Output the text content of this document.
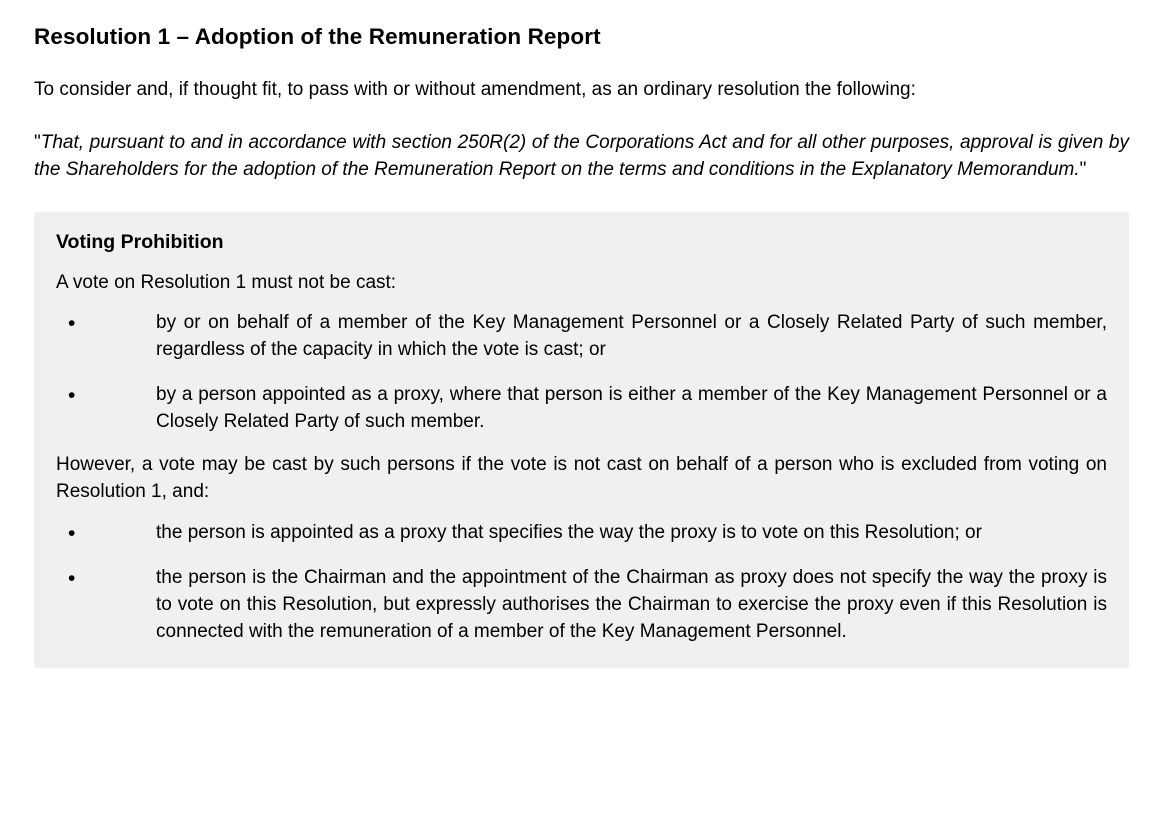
Resolution 1 – Adoption of the Remuneration Report

To consider and, if thought fit, to pass with or without amendment, as an ordinary resolution the following:

"That, pursuant to and in accordance with section 250R(2) of the Corporations Act and for all other purposes, approval is given by the Shareholders for the adoption of the Remuneration Report on the terms and conditions in the Explanatory Memorandum."

Voting Prohibition

A vote on Resolution 1 must not be cast:

•	by or on behalf of a member of the Key Management Personnel or a Closely Related Party of such member, regardless of the capacity in which the vote is cast; or
•	by a person appointed as a proxy, where that person is either a member of the Key Management Personnel or a Closely Related Party of such member.

However, a vote may be cast by such persons if the vote is not cast on behalf of a person who is excluded from voting on Resolution 1, and:

•	the person is appointed as a proxy that specifies the way the proxy is to vote on this Resolution; or
•	the person is the Chairman and the appointment of the Chairman as proxy does not specify the way the proxy is to vote on this Resolution, but expressly authorises the Chairman to exercise the proxy even if this Resolution is connected with the remuneration of a member of the Key Management Personnel.
